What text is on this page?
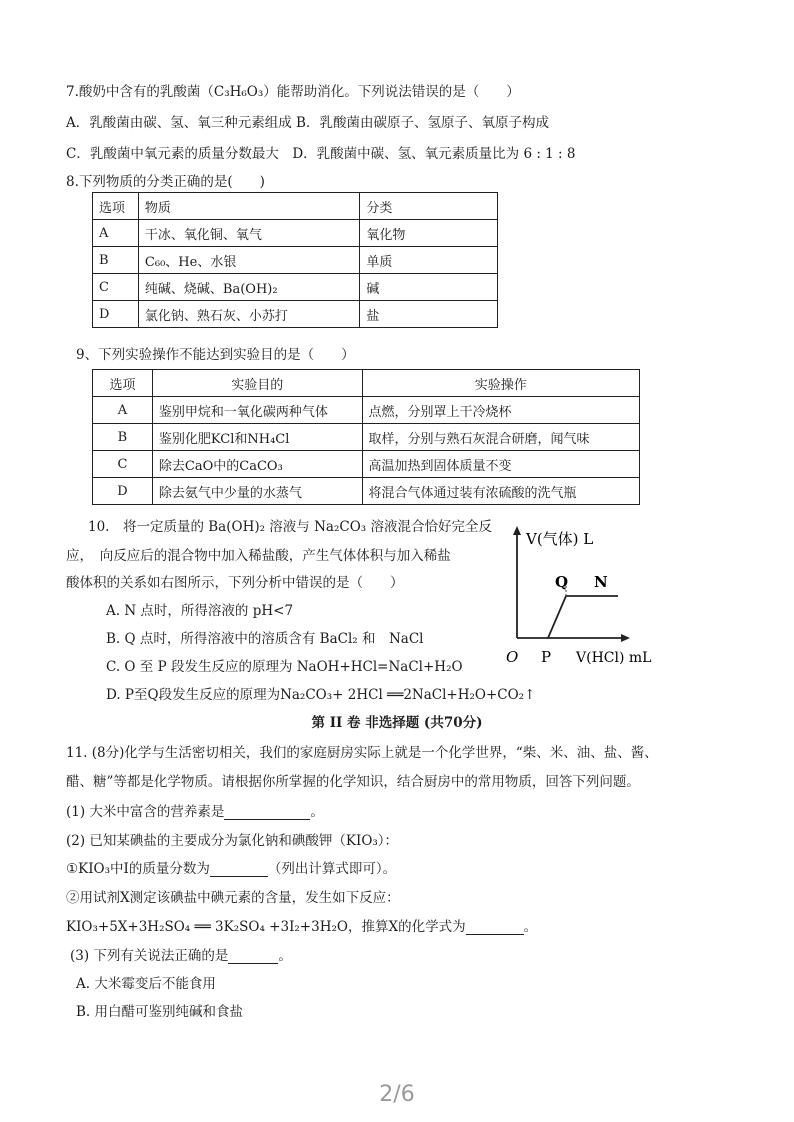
7.酸奶中含有的乳酸菌（C₃H₆O₃）能帮助消化。下列说法错误的是（　　）
A．乳酸菌由碳、氢、氧三种元素组成 B．乳酸菌由碳原子、氢原子、氧原子构成
C．乳酸菌中氧元素的质量分数最大　D．乳酸菌中碳、氢、氧元素质量比为 6 : 1 : 8
8.下列物质的分类正确的是(　　)
选项	物质	分类
A	干冰、氧化铜、氧气	氧化物
B	C₆₀、He、水银	单质
C	纯碱、烧碱、Ba(OH)₂	碱
D	氯化钠、熟石灰、小苏打	盐
9、下列实验操作不能达到实验目的是（　　）
选项	实验目的	实验操作
A	鉴别甲烷和一氧化碳两种气体	点燃，分别罩上干冷烧杯
B	鉴别化肥KCl和NH₄Cl	取样，分别与熟石灰混合研磨，闻气味
C	除去CaO中的CaCO₃	高温加热到固体质量不变
D	除去氨气中少量的水蒸气	将混合气体通过装有浓硫酸的洗气瓶
10.　将一定质量的 Ba(OH)₂ 溶液与 Na₂CO₃ 溶液混合恰好完全反
应，　向反应后的混合物中加入稀盐酸，产生气体体积与加入稀盐
酸体积的关系如右图所示，下列分析中错误的是（　　）
A. N 点时，所得溶液的 pH<7
B. Q 点时，所得溶液中的溶质含有 BaCl₂ 和　NaCl
C. O 至 P 段发生反应的原理为 NaOH+HCl=NaCl+H₂O
D. P至Q段发生反应的原理为Na₂CO₃+ 2HCl ══2NaCl+H₂O+CO₂↑
V(气体) L
V(HCl) mL
O P
Q N
第 II 卷 非选择题 (共70分)
11. (8分)化学与生活密切相关，我们的家庭厨房实际上就是一个化学世界，“柴、米、油、盐、酱、
醋、糖”等都是化学物质。请根据你所掌握的化学知识，结合厨房中的常用物质，回答下列问题。
(1) 大米中富含的营养素是	。
(2) 已知某碘盐的主要成分为氯化钠和碘酸钾（KIO₃）：
①KIO₃中I的质量分数为	（列出计算式即可）。
②用试剂X测定该碘盐中碘元素的含量，发生如下反应：
KIO₃+5X+3H₂SO₄ ══ 3K₂SO₄ +3I₂+3H₂O，推算X的化学式为	。
(3) 下列有关说法正确的是	。
A. 大米霉变后不能食用
B. 用白醋可鉴别纯碱和食盐
2/6
